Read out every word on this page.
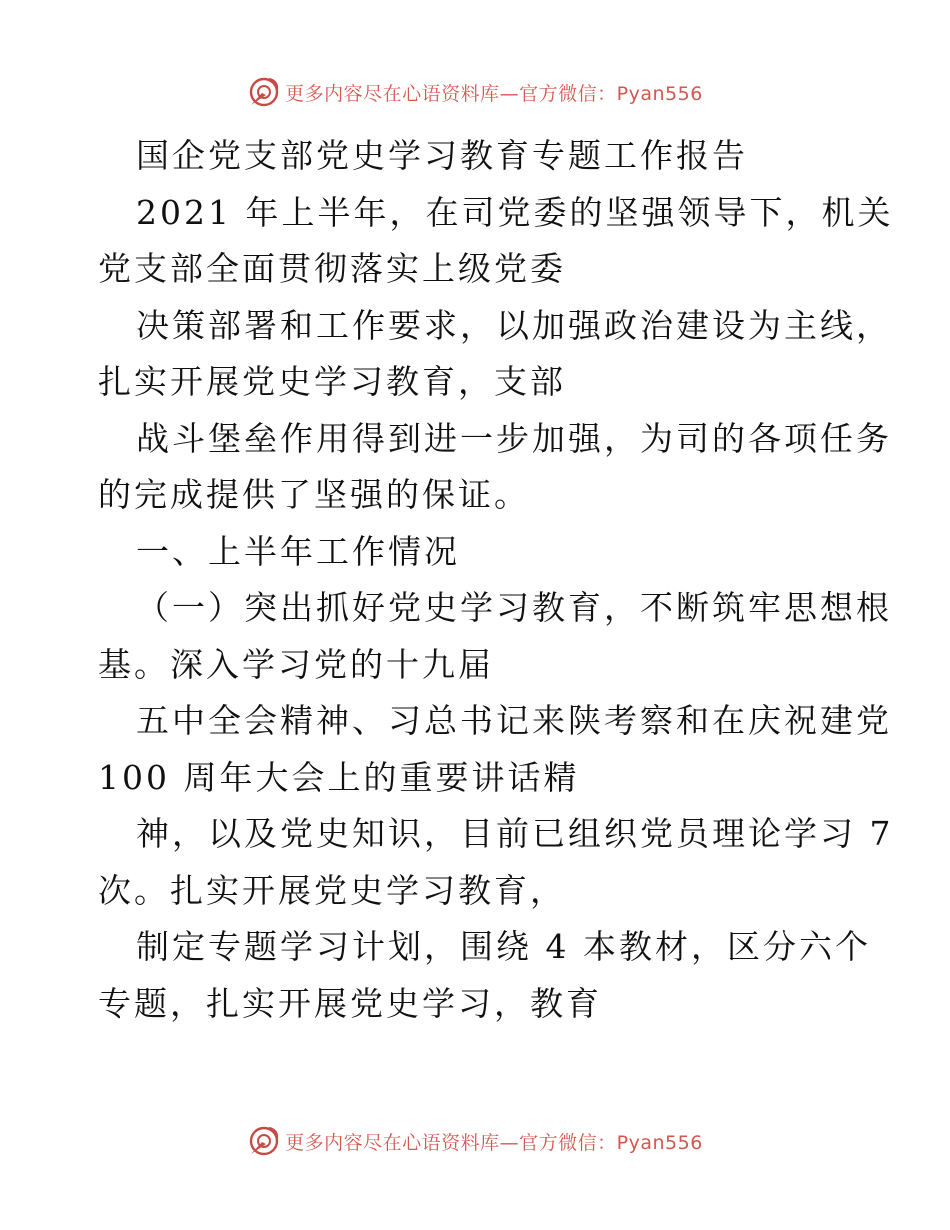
更多内容尽在心语资料库—官方微信：Pyan556
国企党支部党史学习教育专题工作报告
2021 年上半年，在司党委的坚强领导下，机关
党支部全面贯彻落实上级党委
决策部署和工作要求，以加强政治建设为主线，
扎实开展党史学习教育，支部
战斗堡垒作用得到进一步加强，为司的各项任务
的完成提供了坚强的保证。
一、上半年工作情况
（一）突出抓好党史学习教育，不断筑牢思想根
基。深入学习党的十九届
五中全会精神、习总书记来陕考察和在庆祝建党
100 周年大会上的重要讲话精
神，以及党史知识，目前已组织党员理论学习 7
次。扎实开展党史学习教育，
制定专题学习计划，围绕 4 本教材，区分六个
专题，扎实开展党史学习，教育
更多内容尽在心语资料库—官方微信：Pyan556
